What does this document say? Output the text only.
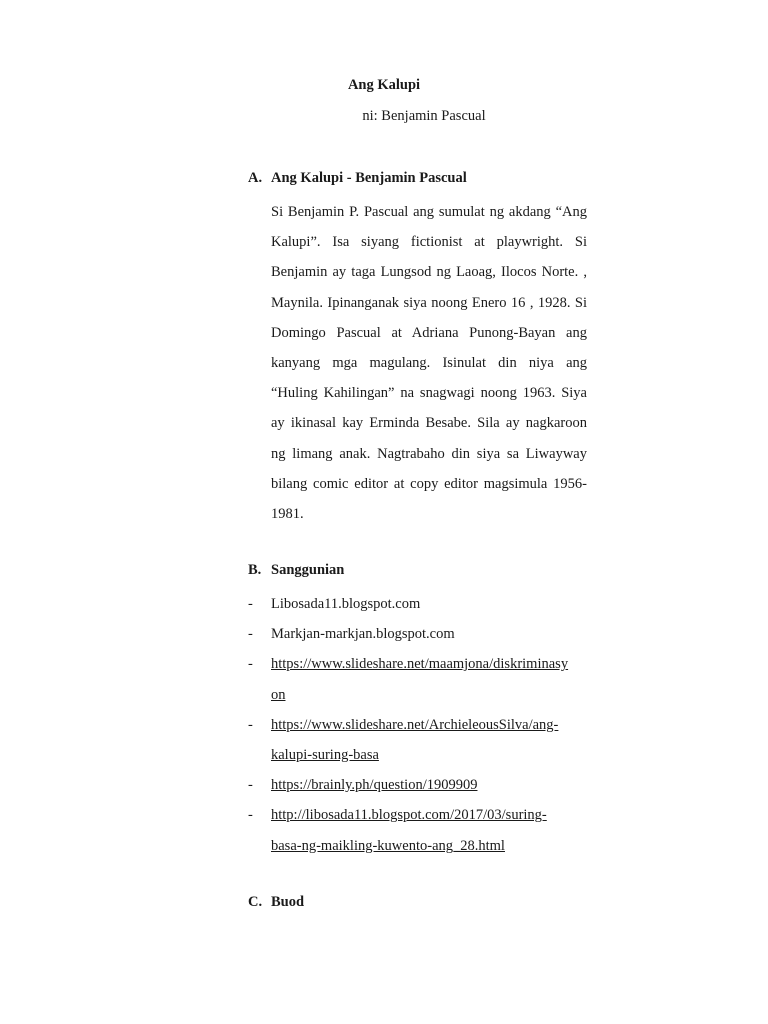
Ang Kalupi
ni: Benjamin Pascual
A. Ang Kalupi - Benjamin Pascual
Si Benjamin P. Pascual ang sumulat ng akdang “Ang
Kalupi”. Isa siyang fictionist at playwright. Si
Benjamin ay taga Lungsod ng Laoag, Ilocos Norte. ,
Maynila. Ipinanganak siya noong Enero 16 , 1928. Si
Domingo Pascual at Adriana Punong-Bayan ang
kanyang mga magulang. Isinulat din niya ang
“Huling Kahilingan” na snagwagi noong 1963. Siya
ay ikinasal kay Erminda Besabe. Sila ay nagkaroon
ng limang anak. Nagtrabaho din siya sa Liwayway
bilang comic editor at copy editor magsimula 1956-
1981.
B. Sanggunian
- Libosada11.blogspot.com
- Markjan-markjan.blogspot.com
- https://www.slideshare.net/maamjona/diskriminasy
on
- https://www.slideshare.net/ArchieleousSilva/ang-
kalupi-suring-basa
- https://brainly.ph/question/1909909
- http://libosada11.blogspot.com/2017/03/suring-
basa-ng-maikling-kuwento-ang_28.html
C. Buod
